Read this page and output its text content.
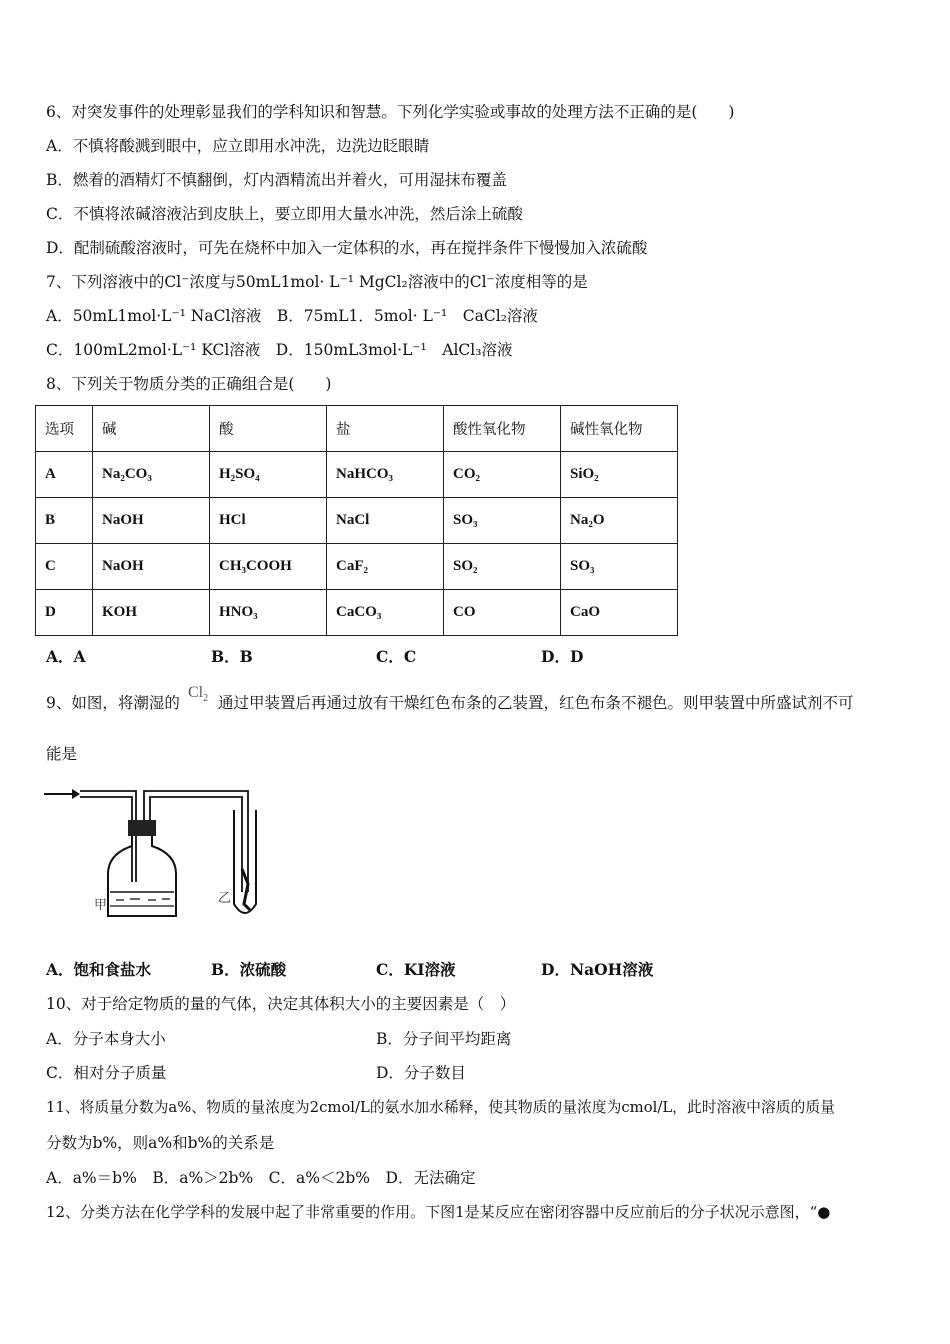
6、对突发事件的处理彰显我们的学科知识和智慧。下列化学实验或事故的处理方法不正确的是(　　)
A．不慎将酸溅到眼中，应立即用水冲洗，边洗边眨眼睛
B．燃着的酒精灯不慎翻倒，灯内酒精流出并着火，可用湿抹布覆盖
C．不慎将浓碱溶液沾到皮肤上，要立即用大量水冲洗，然后涂上硫酸
D．配制硫酸溶液时，可先在烧杯中加入一定体积的水，再在搅拌条件下慢慢加入浓硫酸
7、下列溶液中的Cl⁻浓度与50mL1mol· L⁻¹ MgCl₂溶液中的Cl⁻浓度相等的是
A．50mL1mol·L⁻¹ NaCl溶液　B．75mL1．5mol· L⁻¹　CaCl₂溶液
C．100mL2mol·L⁻¹ KCl溶液　D．150mL3mol·L⁻¹　AlCl₃溶液
8、下列关于物质分类的正确组合是(　　)
选项	碱	酸	盐	酸性氧化物	碱性氧化物
A	Na₂CO₃	H₂SO₄	NaHCO₃	CO₂	SiO₂
B	NaOH	HCl	NaCl	SO₃	Na₂O
C	NaOH	CH₃COOH	CaF₂	SO₂	SO₃
D	KOH	HNO₃	CaCO₃	CO	CaO
A．A	B．B	C．C	D．D
9、如图，将潮湿的
$Cl_2$ 通过甲装置后再通过放有干燥红色布条的乙装置，红色布条不褪色。则甲装置中所盛试剂不可
能是
甲	乙
A．饱和食盐水	B．浓硫酸	C．KI溶液	D．NaOH溶液
10、对于给定物质的量的气体，决定其体积大小的主要因素是（　）
A．分子本身大小	B．分子间平均距离
C．相对分子质量	D．分子数目
11、将质量分数为a%、物质的量浓度为2cmol/L的氨水加水稀释，使其物质的量浓度为cmol/L，此时溶液中溶质的质量
分数为b%，则a%和b%的关系是
A．a%＝b%　B．a%＞2b%　C．a%＜2b%　D．无法确定
12、分类方法在化学学科的发展中起了非常重要的作用。下图1是某反应在密闭容器中反应前后的分子状况示意图，“●
